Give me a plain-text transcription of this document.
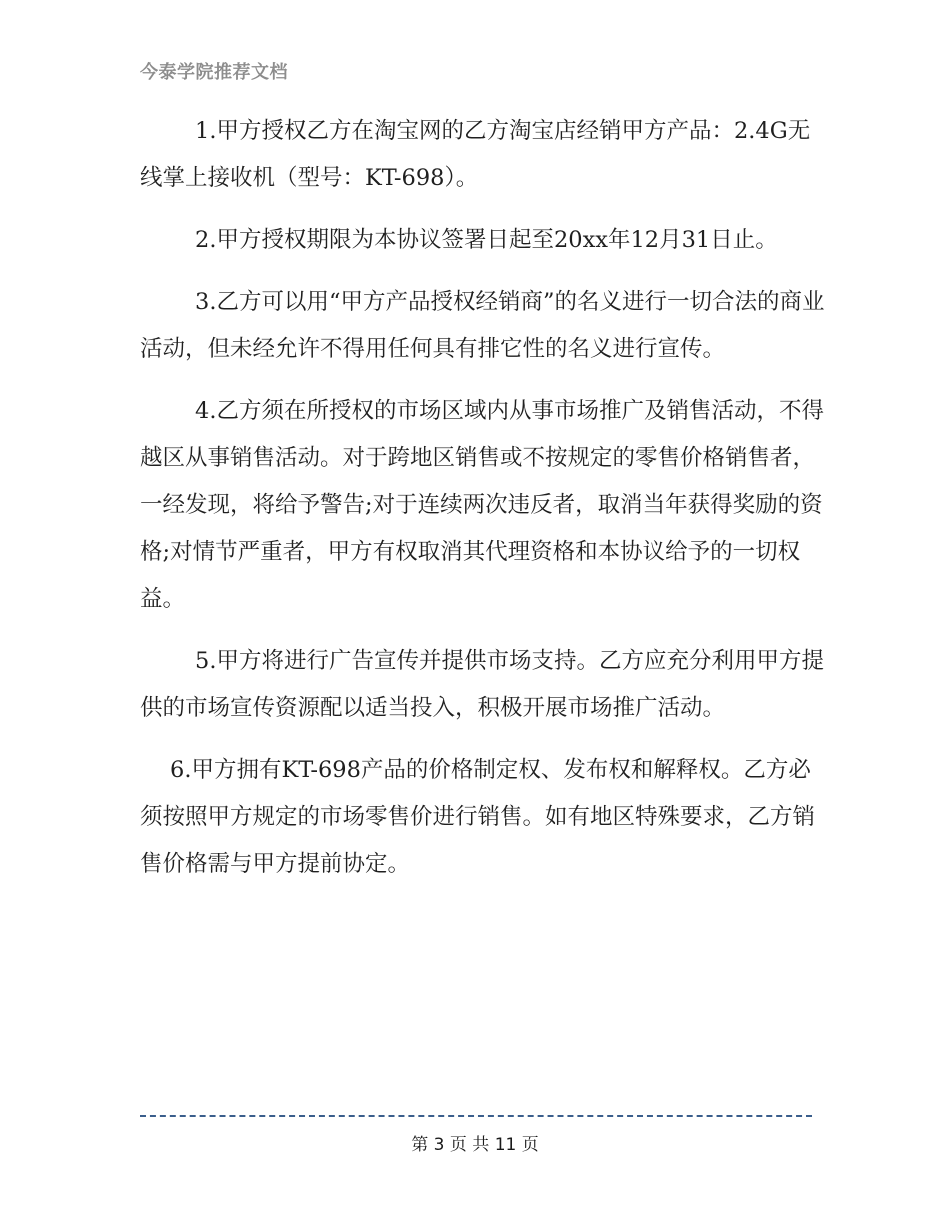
今泰学院推荐文档

1.甲方授权乙方在淘宝网的乙方淘宝店经销甲方产品：2.4G无线掌上接收机（型号：KT-698）。

2.甲方授权期限为本协议签署日起至20xx年12月31日止。

3.乙方可以用“甲方产品授权经销商”的名义进行一切合法的商业活动，但未经允许不得用任何具有排它性的名义进行宣传。

4.乙方须在所授权的市场区域内从事市场推广及销售活动，不得越区从事销售活动。对于跨地区销售或不按规定的零售价格销售者，一经发现，将给予警告;对于连续两次违反者，取消当年获得奖励的资格;对情节严重者，甲方有权取消其代理资格和本协议给予的一切权益。

5.甲方将进行广告宣传并提供市场支持。乙方应充分利用甲方提供的市场宣传资源配以适当投入，积极开展市场推广活动。

6.甲方拥有KT-698产品的价格制定权、发布权和解释权。乙方必须按照甲方规定的市场零售价进行销售。如有地区特殊要求，乙方销售价格需与甲方提前协定。

第 3 页 共 11 页
